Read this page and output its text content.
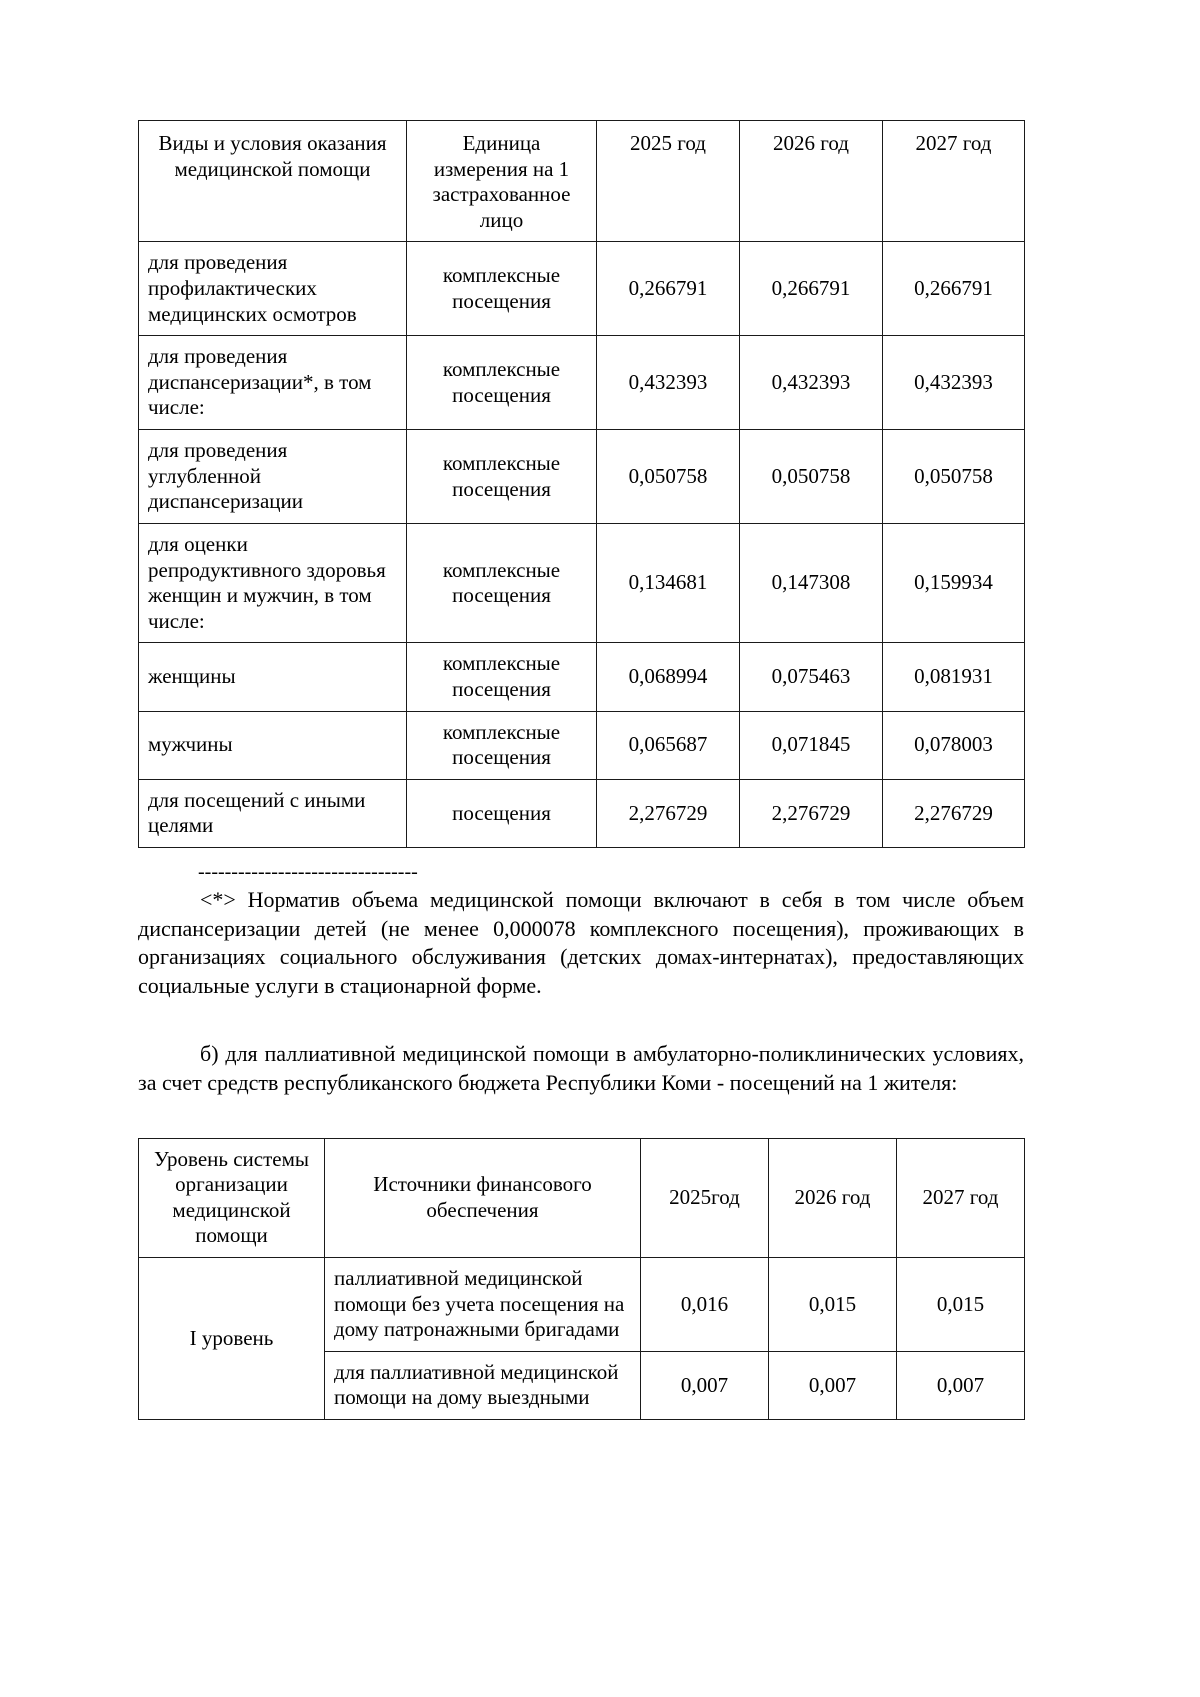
Виды и условия оказания медицинской помощи	Единица измерения на 1 застрахованное лицо	2025 год	2026 год	2027 год
для проведения профилактических медицинских осмотров	комплексные посещения	0,266791	0,266791	0,266791
для проведения диспансеризации*, в том числе:	комплексные посещения	0,432393	0,432393	0,432393
для проведения углубленной диспансеризации	комплексные посещения	0,050758	0,050758	0,050758
для оценки репродуктивного здоровья женщин и мужчин, в том числе:	комплексные посещения	0,134681	0,147308	0,159934
женщины	комплексные посещения	0,068994	0,075463	0,081931
мужчины	комплексные посещения	0,065687	0,071845	0,078003
для посещений с иными целями	посещения	2,276729	2,276729	2,276729
---------------------------------

<*> Норматив объема медицинской помощи включают в себя в том числе объем диспансеризации детей (не менее 0,000078 комплексного посещения), проживающих в организациях социального обслуживания (детских домах-интернатах), предоставляющих социальные услуги в стационарной форме.

б) для паллиативной медицинской помощи в амбулаторно-поликлинических условиях, за счет средств республиканского бюджета Республики Коми - посещений на 1 жителя:

Уровень системы организации медицинской помощи	Источники финансового обеспечения	2025год	2026 год	2027 год
I уровень	паллиативной медицинской помощи без учета посещения на дому патронажными бригадами	0,016	0,015	0,015
	для паллиативной медицинской помощи на дому выездными	0,007	0,007	0,007
